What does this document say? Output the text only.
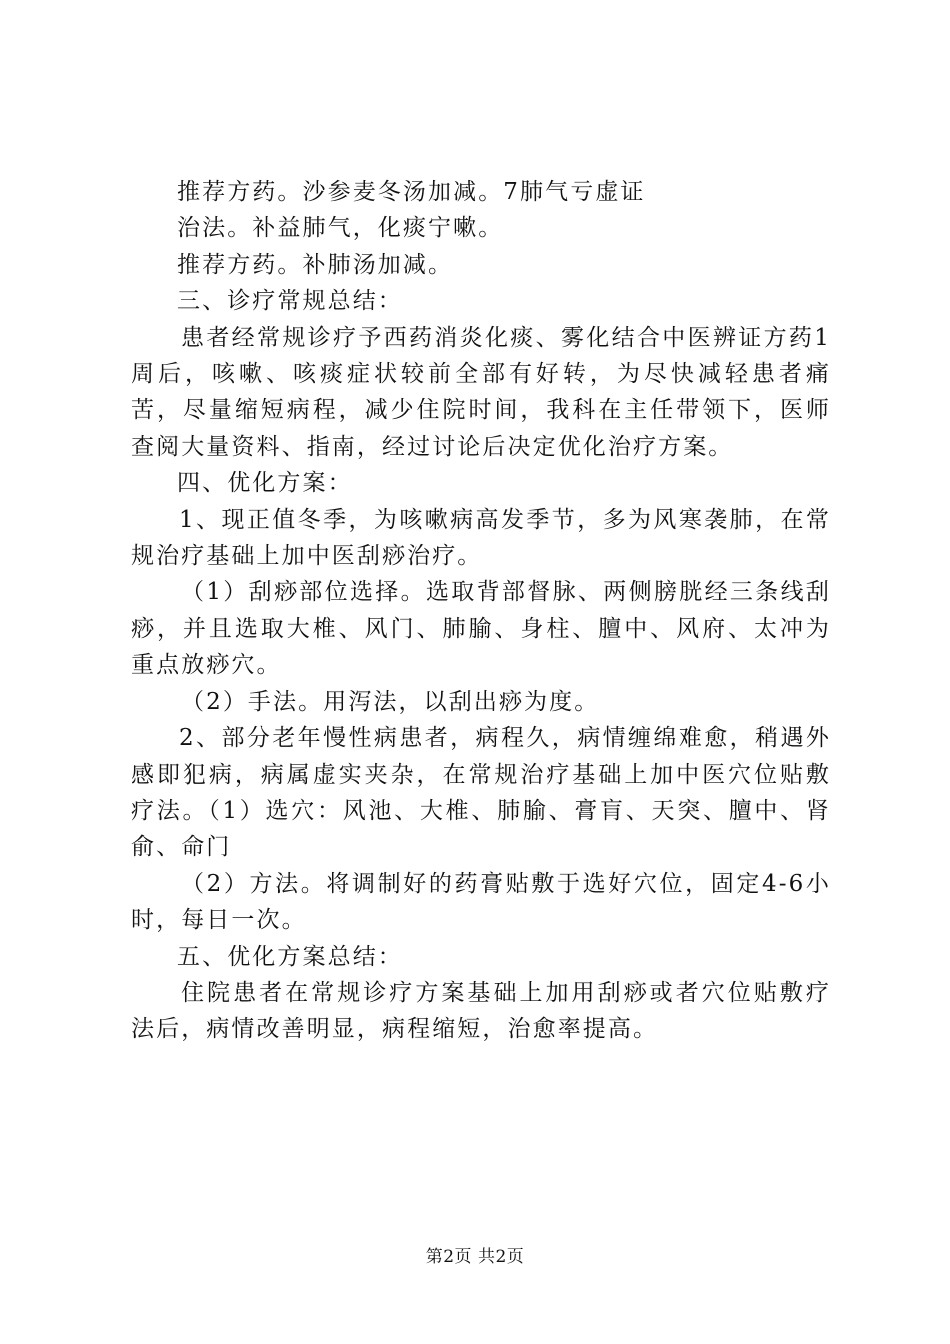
推荐方药。沙参麦冬汤加减。7肺气亏虚证

治法。补益肺气，化痰宁嗽。

推荐方药。补肺汤加减。

三、诊疗常规总结：

患者经常规诊疗予西药消炎化痰、雾化结合中医辨证方药1周后，咳嗽、咳痰症状较前全部有好转，为尽快减轻患者痛苦，尽量缩短病程，减少住院时间，我科在主任带领下，医师查阅大量资料、指南，经过讨论后决定优化治疗方案。

四、优化方案：

1、现正值冬季，为咳嗽病高发季节，多为风寒袭肺，在常规治疗基础上加中医刮痧治疗。

（1）刮痧部位选择。选取背部督脉、两侧膀胱经三条线刮痧，并且选取大椎、风门、肺腧、身柱、膻中、风府、太冲为重点放痧穴。

（2）手法。用泻法，以刮出痧为度。

2、部分老年慢性病患者，病程久，病情缠绵难愈，稍遇外感即犯病，病属虚实夹杂，在常规治疗基础上加中医穴位贴敷疗法。（1）选穴：风池、大椎、肺腧、膏肓、天突、膻中、肾俞、命门

（2）方法。将调制好的药膏贴敷于选好穴位，固定4-6小时，每日一次。

五、优化方案总结：

住院患者在常规诊疗方案基础上加用刮痧或者穴位贴敷疗法后，病情改善明显，病程缩短，治愈率提高。

第2页 共2页
